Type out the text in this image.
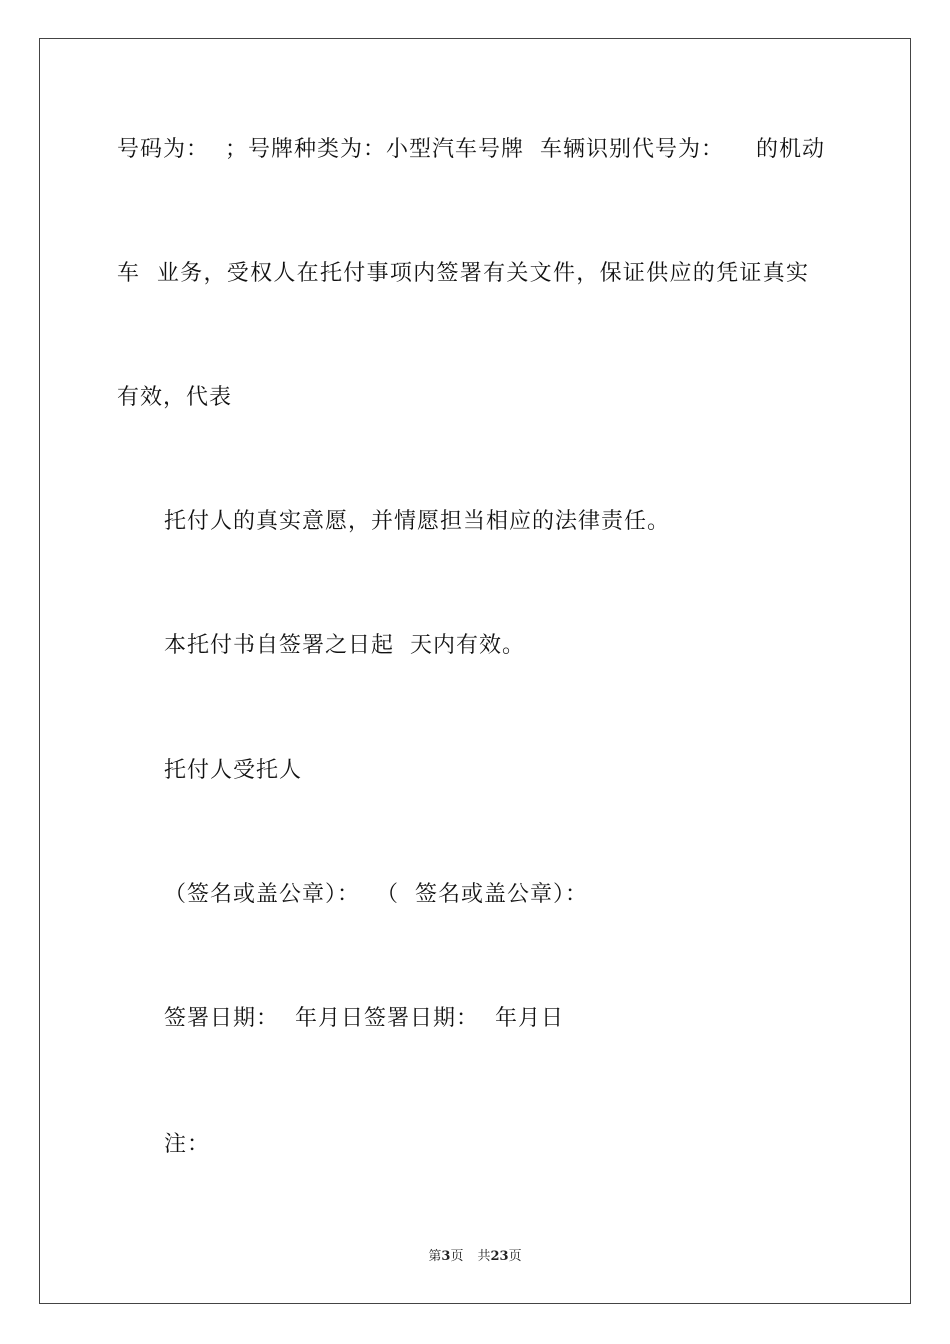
号码为：  ；号牌种类为：小型汽车号牌  车辆识别代号为：    的机动
车  业务，受权人在托付事项内签署有关文件，保证供应的凭证真实
有效，代表
托付人的真实意愿，并情愿担当相应的法律责任。
本托付书自签署之日起  天内有效。
托付人受托人
（签名或盖公章）：  （  签名或盖公章）：
签署日期：  年月日签署日期：  年月日
注：
第3页 共23页
